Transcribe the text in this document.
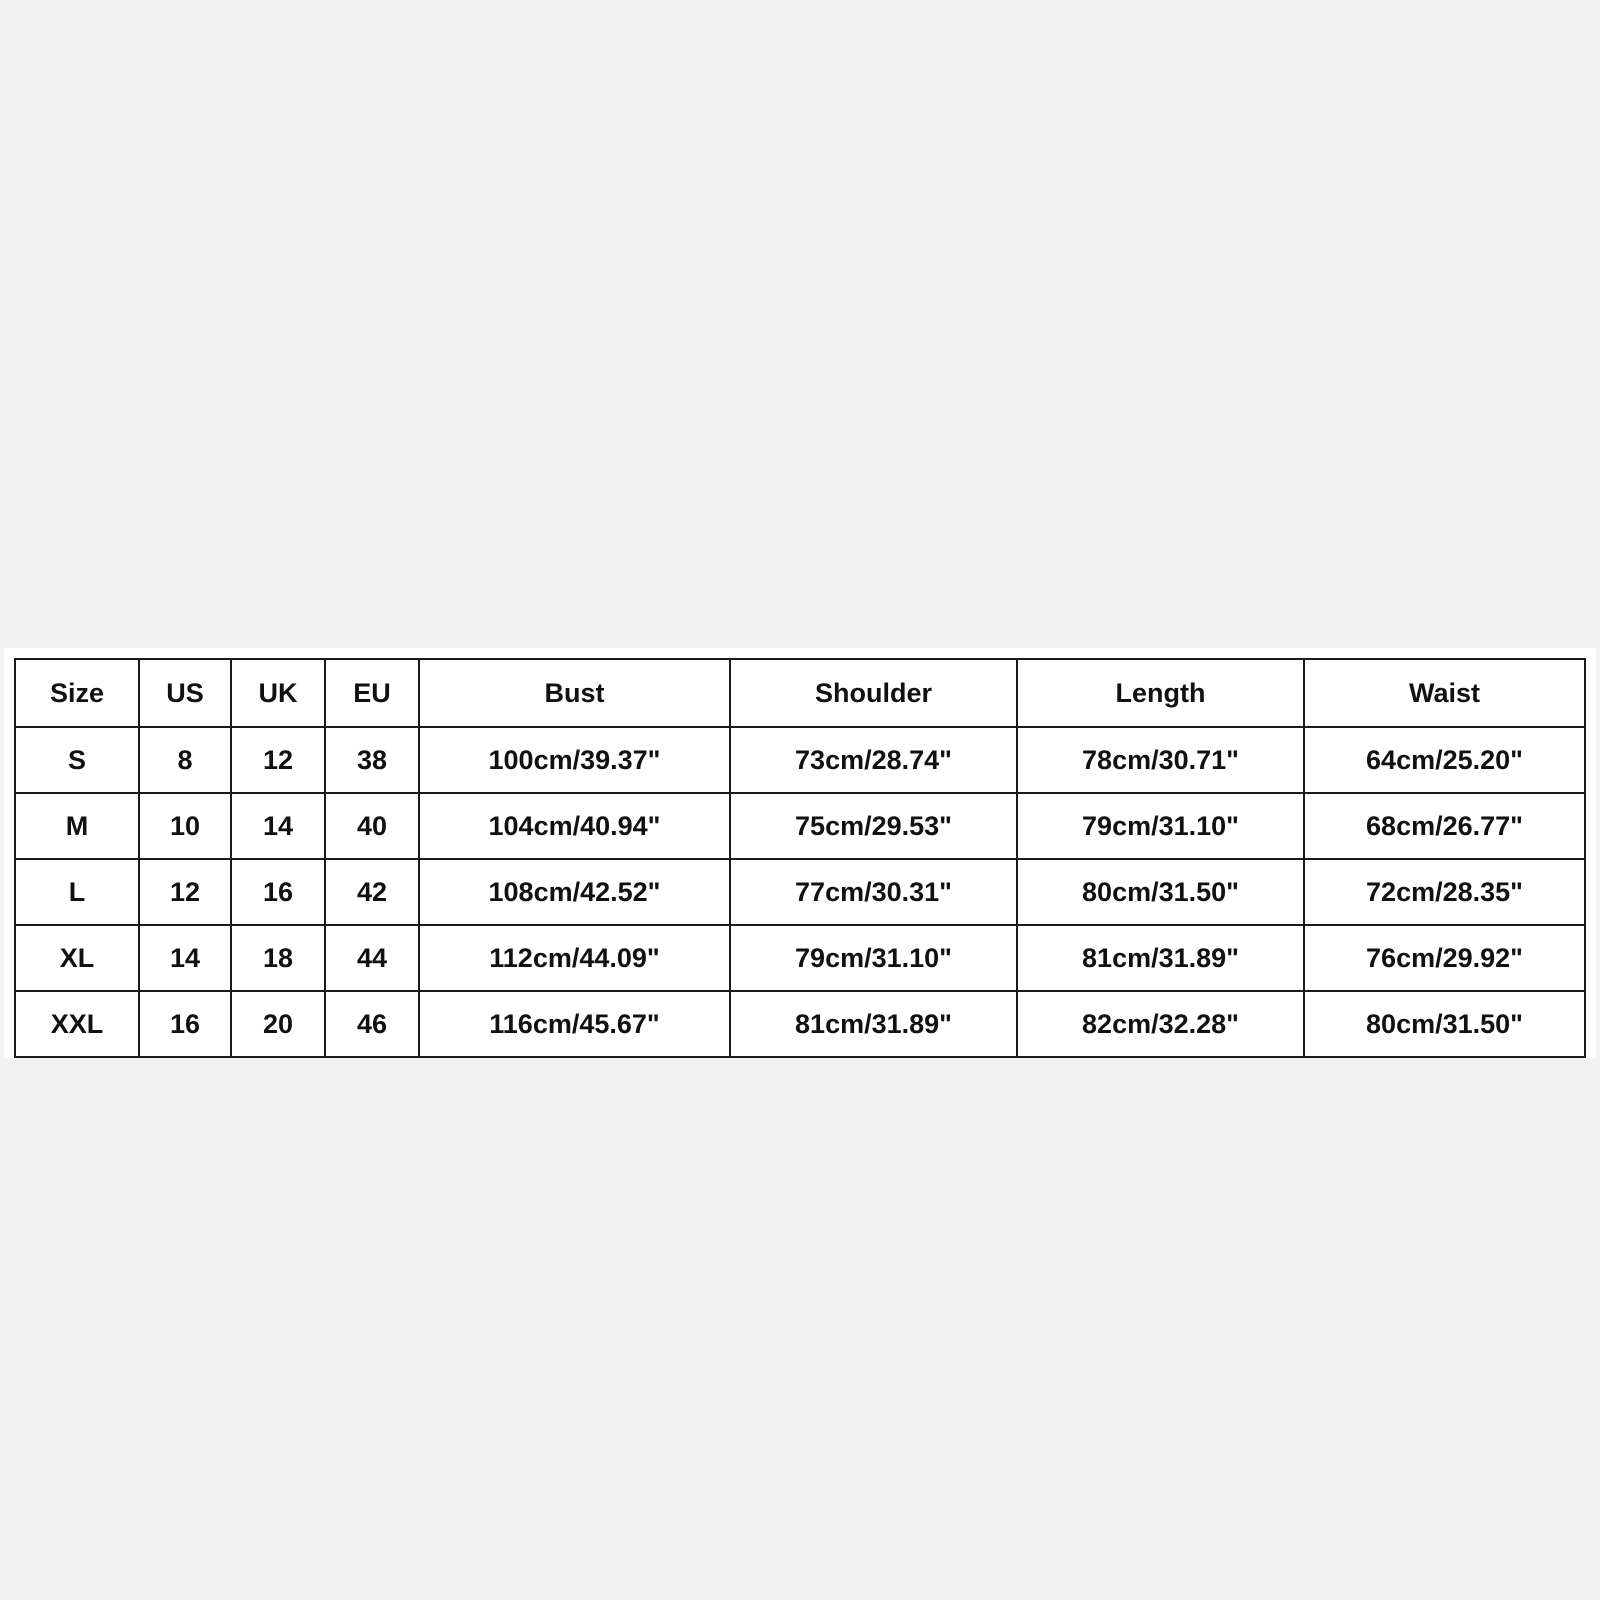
Size	US	UK	EU	Bust	Shoulder	Length	Waist
S	8	12	38	100cm/39.37"	73cm/28.74"	78cm/30.71"	64cm/25.20"
M	10	14	40	104cm/40.94"	75cm/29.53"	79cm/31.10"	68cm/26.77"
L	12	16	42	108cm/42.52"	77cm/30.31"	80cm/31.50"	72cm/28.35"
XL	14	18	44	112cm/44.09"	79cm/31.10"	81cm/31.89"	76cm/29.92"
XXL	16	20	46	116cm/45.67"	81cm/31.89"	82cm/32.28"	80cm/31.50"
